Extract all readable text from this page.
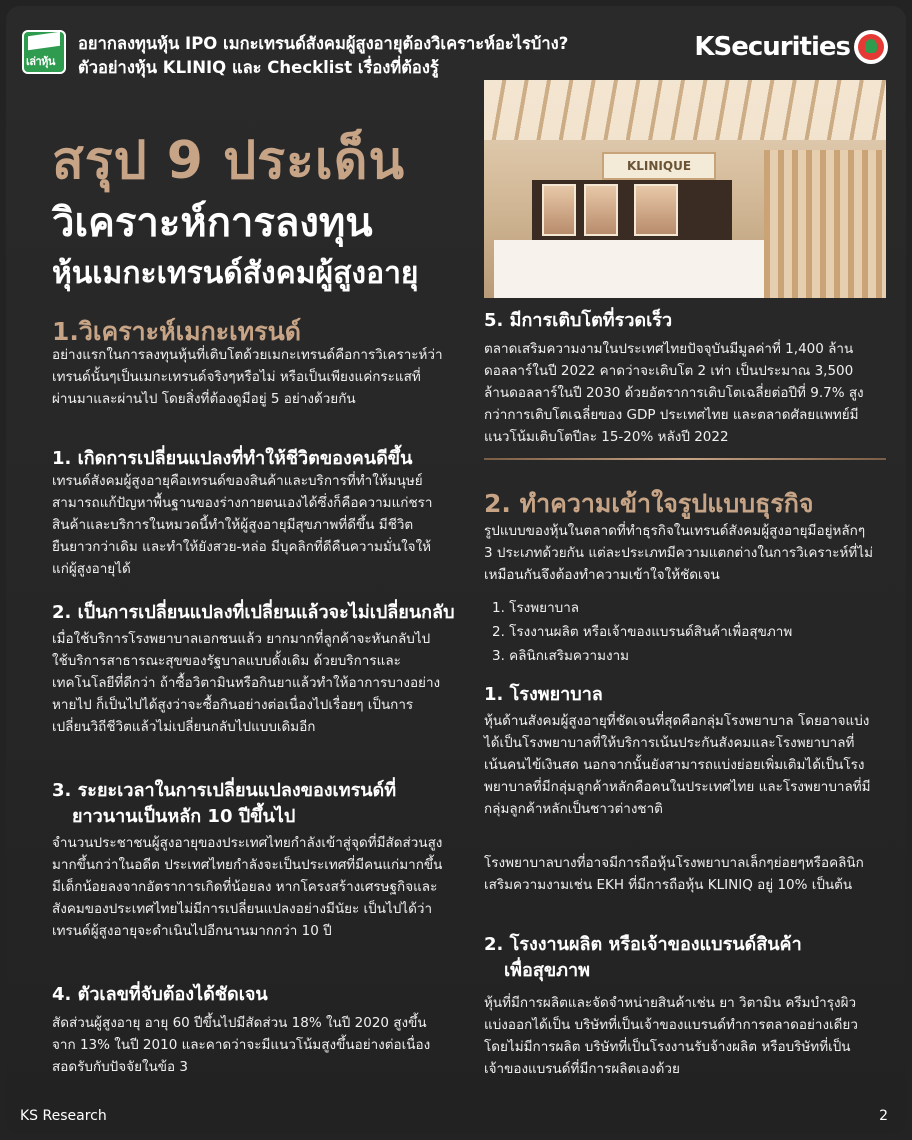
เล่าหุ้น
อยากลงทุนหุ้น IPO เมกะเทรนด์สังคมผู้สูงอายุต้องวิเคราะห์อะไรบ้าง?
ตัวอย่างหุ้น KLINIQ และ Checklist เรื่องที่ต้องรู้
KSecurities
สรุป 9 ประเด็น
วิเคราะห์การลงทุน
หุ้นเมกะเทรนด์สังคมผู้สูงอายุ
KLINIQUE
1.วิเคราะห์เมกะเทรนด์
อย่างแรกในการลงทุนหุ้นที่เติบโตด้วยเมกะเทรนด์คือการวิเคราะห์ว่าเทรนด์นั้นๆเป็นเมกะเทรนด์จริงๆหรือไม่ หรือเป็นเพียงแค่กระแสที่ผ่านมาและผ่านไป โดยสิ่งที่ต้องดูมีอยู่ 5 อย่างด้วยกัน
1. เกิดการเปลี่ยนแปลงที่ทำให้ชีวิตของคนดีขึ้น
เทรนด์สังคมผู้สูงอายุคือเทรนด์ของสินค้าและบริการที่ทำให้มนุษย์สามารถแก้ปัญหาพื้นฐานของร่างกายตนเองได้ซึ่งก็คือความแก่ชรา สินค้าและบริการในหมวดนี้ทำให้ผู้สูงอายุมีสุขภาพที่ดีขึ้น มีชีวิตยืนยาวกว่าเดิม และทำให้ยังสวย-หล่อ มีบุคลิกที่ดีคืนความมั่นใจให้แก่ผู้สูงอายุได้
2. เป็นการเปลี่ยนแปลงที่เปลี่ยนแล้วจะไม่เปลี่ยนกลับ
เมื่อใช้บริการโรงพยาบาลเอกชนแล้ว ยากมากที่ลูกค้าจะหันกลับไปใช้บริการสาธารณะสุขของรัฐบาลแบบดั้งเดิม ด้วยบริการและเทคโนโลยีที่ดีกว่า ถ้าซื้อวิตามินหรือกินยาแล้วทำให้อาการบางอย่างหายไป ก็เป็นไปได้สูงว่าจะซื้อกินอย่างต่อเนื่องไปเรื่อยๆ เป็นการเปลี่ยนวิถีชีวิตแล้วไม่เปลี่ยนกลับไปแบบเดิมอีก
3. ระยะเวลาในการเปลี่ยนแปลงของเทรนด์ที่
ยาวนานเป็นหลัก 10 ปีขึ้นไป
จำนวนประชาชนผู้สูงอายุของประเทศไทยกำลังเข้าสู่จุดที่มีสัดส่วนสูงมากขึ้นกว่าในอดีต ประเทศไทยกำลังจะเป็นประเทศที่มีคนแก่มากขึ้น มีเด็กน้อยลงจากอัตราการเกิดที่น้อยลง หากโครงสร้างเศรษฐกิจและสังคมของประเทศไทยไม่มีการเปลี่ยนแปลงอย่างมีนัยะ เป็นไปได้ว่าเทรนด์ผู้สูงอายุจะดำเนินไปอีกนานมากกว่า 10 ปี
4. ตัวเลขที่จับต้องได้ชัดเจน
สัดส่วนผู้สูงอายุ อายุ 60 ปีขึ้นไปมีสัดส่วน 18% ในปี 2020 สูงขึ้นจาก 13% ในปี 2010 และคาดว่าจะมีแนวโน้มสูงขึ้นอย่างต่อเนื่อง สอดรับกับปัจจัยในข้อ 3
5. มีการเติบโตที่รวดเร็ว
ตลาดเสริมความงามในประเทศไทยปัจจุบันมีมูลค่าที่ 1,400 ล้านดอลลาร์ในปี 2022 คาดว่าจะเติบโต 2 เท่า เป็นประมาณ 3,500 ล้านดอลลาร์ในปี 2030 ด้วยอัตราการเติบโตเฉลี่ยต่อปีที่ 9.7% สูงกว่าการเติบโตเฉลี่ยของ GDP ประเทศไทย และตลาดศัลยแพทย์มีแนวโน้มเติบโตปีละ 15-20% หลังปี 2022
2. ทำความเข้าใจรูปแบบธุรกิจ
รูปแบบของหุ้นในตลาดที่ทำธุรกิจในเทรนด์สังคมผู้สูงอายุมีอยู่หลักๆ 3 ประเภทด้วยกัน แต่ละประเภทมีความแตกต่างในการวิเคราะห์ที่ไม่เหมือนกันจึงต้องทำความเข้าใจให้ชัดเจน
1. โรงพยาบาล
2. โรงงานผลิต หรือเจ้าของแบรนด์สินค้าเพื่อสุขภาพ
3. คลินิกเสริมความงาม
1. โรงพยาบาล
หุ้นด้านสังคมผู้สูงอายุที่ชัดเจนที่สุดคือกลุ่มโรงพยาบาล โดยอาจแบ่งได้เป็นโรงพยาบาลที่ให้บริการเน้นประกันสังคมและโรงพยาบาลที่เน้นคนไข้เงินสด นอกจากนั้นยังสามารถแบ่งย่อยเพิ่มเติมได้เป็นโรงพยาบาลที่มีกลุ่มลูกค้าหลักคือคนในประเทศไทย และโรงพยาบาลที่มีกลุ่มลูกค้าหลักเป็นชาวต่างชาติ
โรงพยาบาลบางที่อาจมีการถือหุ้นโรงพยาบาลเล็กๆย่อยๆหรือคลินิกเสริมความงามเช่น EKH ที่มีการถือหุ้น KLINIQ อยู่ 10% เป็นต้น
2. โรงงานผลิต หรือเจ้าของแบรนด์สินค้า
เพื่อสุขภาพ
หุ้นที่มีการผลิตและจัดจำหน่ายสินค้าเช่น ยา วิตามิน ครีมบำรุงผิว แบ่งออกได้เป็น บริษัทที่เป็นเจ้าของแบรนด์ทำการตลาดอย่างเดียวโดยไม่มีการผลิต บริษัทที่เป็นโรงงานรับจ้างผลิต หรือบริษัทที่เป็นเจ้าของแบรนด์ที่มีการผลิตเองด้วย
KS Research	2
